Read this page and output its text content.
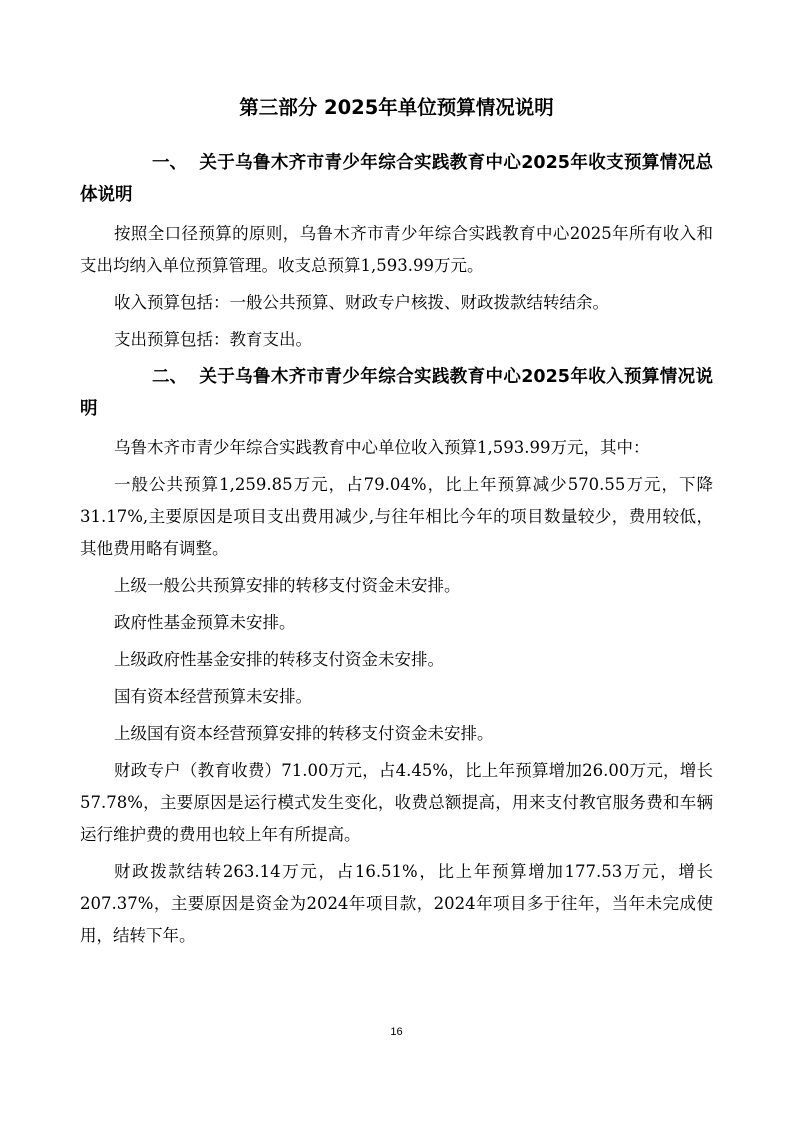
第三部分 2025年单位预算情况说明

一、 关于乌鲁木齐市青少年综合实践教育中心2025年收支预算情况总体说明

按照全口径预算的原则，乌鲁木齐市青少年综合实践教育中心2025年所有收入和支出均纳入单位预算管理。收支总预算1,593.99万元。

收入预算包括：一般公共预算、财政专户核拨、财政拨款结转结余。

支出预算包括：教育支出。

二、 关于乌鲁木齐市青少年综合实践教育中心2025年收入预算情况说明

乌鲁木齐市青少年综合实践教育中心单位收入预算1,593.99万元，其中：

一般公共预算1,259.85万元，占79.04%，比上年预算减少570.55万元，下降31.17%,主要原因是项目支出费用减少,与往年相比今年的项目数量较少，费用较低，其他费用略有调整。

上级一般公共预算安排的转移支付资金未安排。

政府性基金预算未安排。

上级政府性基金安排的转移支付资金未安排。

国有资本经营预算未安排。

上级国有资本经营预算安排的转移支付资金未安排。

财政专户（教育收费）71.00万元，占4.45%，比上年预算增加26.00万元，增长57.78%，主要原因是运行模式发生变化，收费总额提高，用来支付教官服务费和车辆运行维护费的费用也较上年有所提高。

财政拨款结转263.14万元，占16.51%，比上年预算增加177.53万元，增长207.37%，主要原因是资金为2024年项目款，2024年项目多于往年，当年未完成使用，结转下年。

16
